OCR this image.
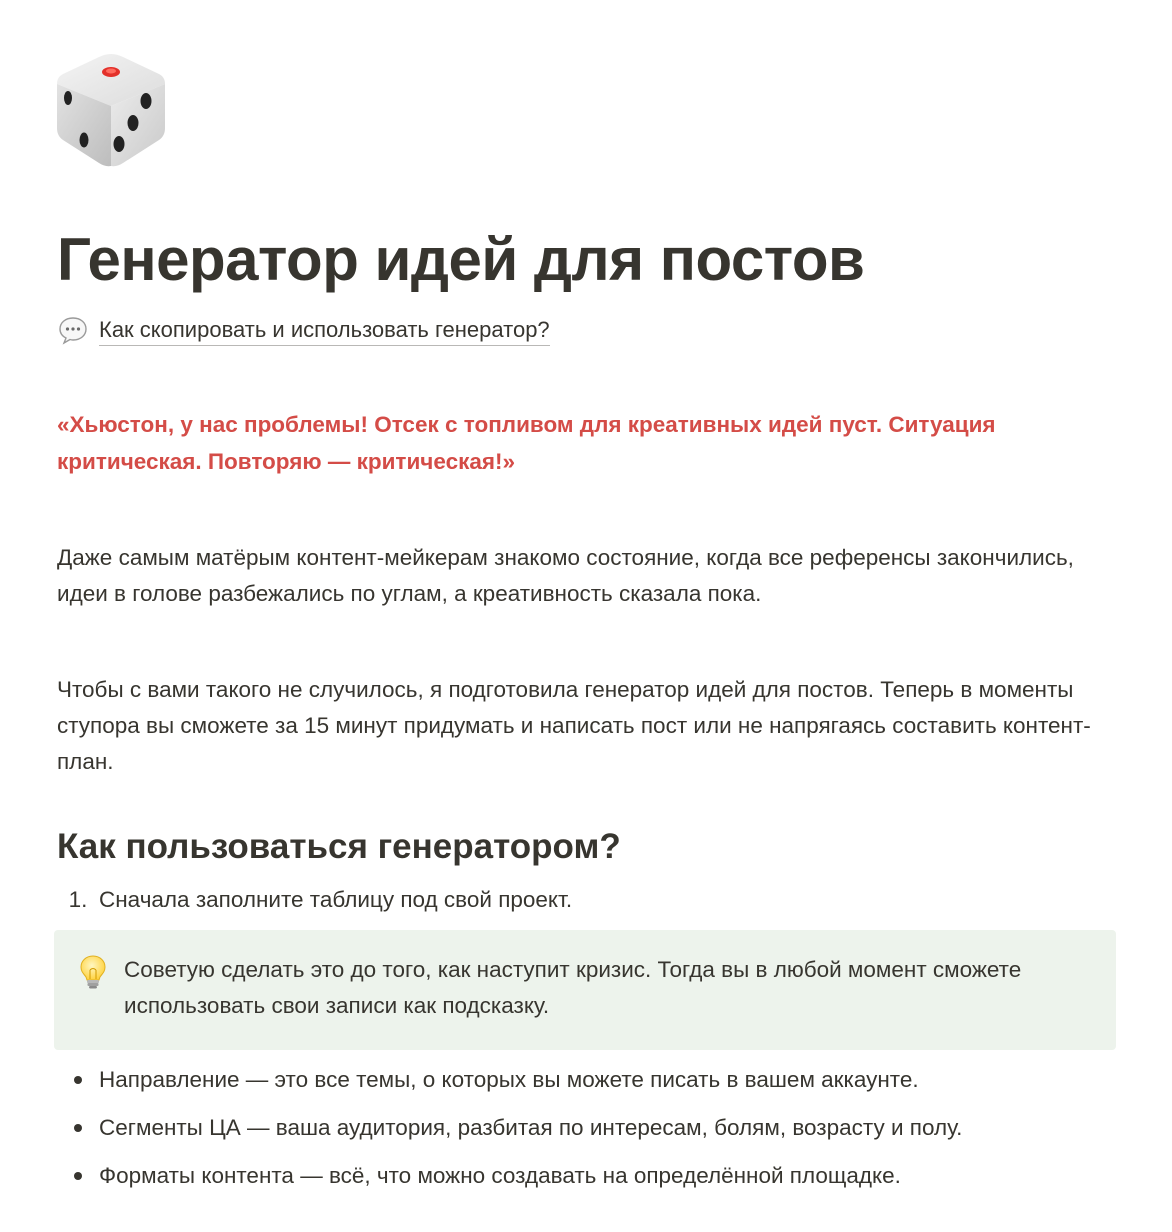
Генератор идей для постов
Как скопировать и использовать генератор?

«Хьюстон, у нас проблемы! Отсек с топливом для креативных идей пуст. Ситуация критическая. Повторяю — критическая!»

Даже самым матёрым контент-мейкерам знакомо состояние, когда все референсы закончились, идеи в голове разбежались по углам, а креативность сказала пока.

Чтобы с вами такого не случилось, я подготовила генератор идей для постов. Теперь в моменты ступора вы сможете за 15 минут придумать и написать пост или не напрягаясь составить контент-план.

Как пользоваться генератором?
1. Сначала заполните таблицу под свой проект.
Советую сделать это до того, как наступит кризис. Тогда вы в любой момент сможете использовать свои записи как подсказку.
Направление — это все темы, о которых вы можете писать в вашем аккаунте.
Сегменты ЦА — ваша аудитория, разбитая по интересам, болям, возрасту и полу.
Форматы контента — всё, что можно создавать на определённой площадке.
